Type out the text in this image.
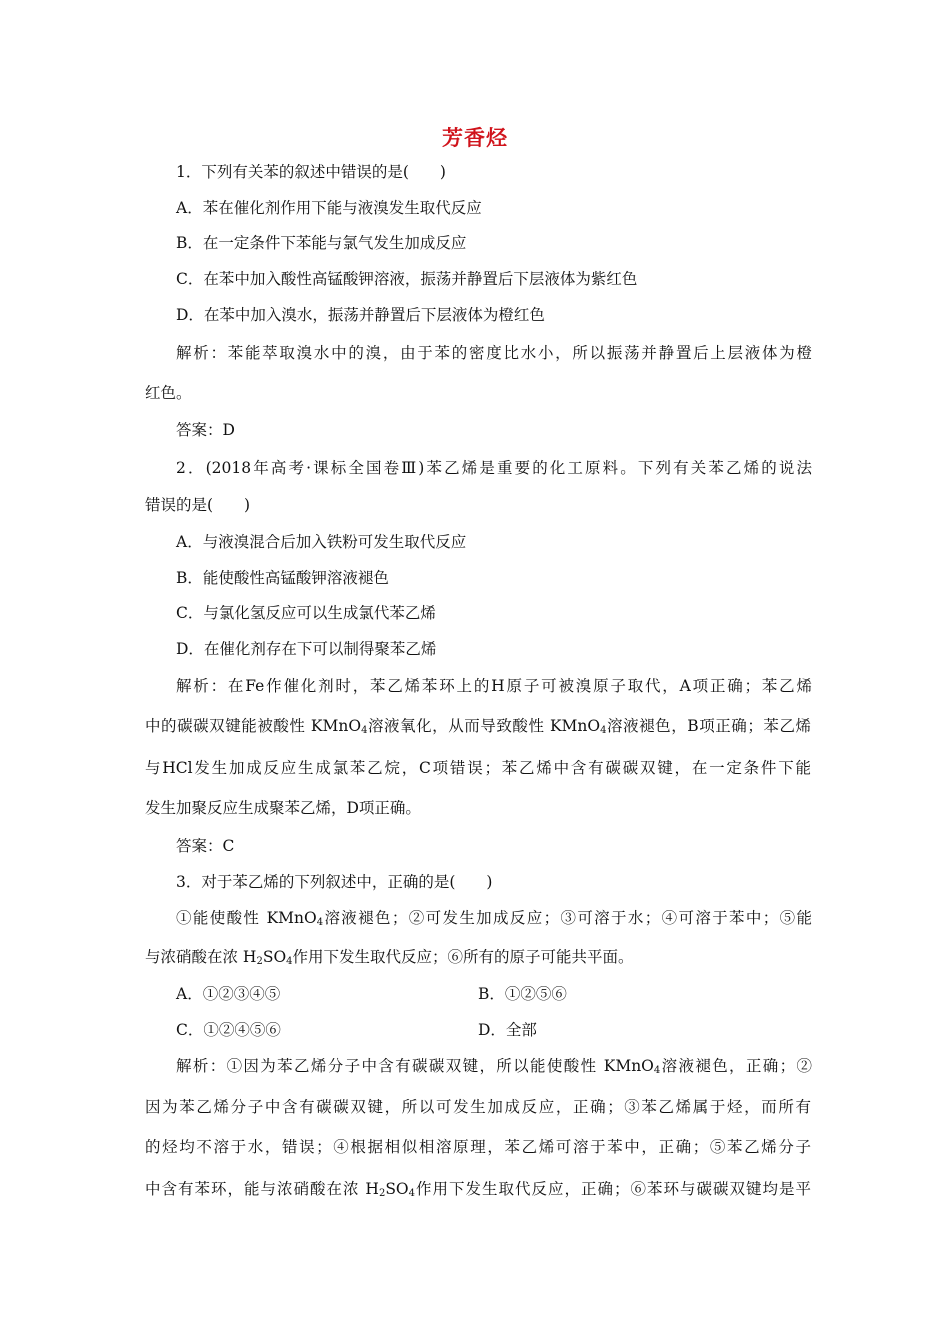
芳香烃
1．下列有关苯的叙述中错误的是(　　)
A．苯在催化剂作用下能与液溴发生取代反应
B．在一定条件下苯能与氯气发生加成反应
C．在苯中加入酸性高锰酸钾溶液，振荡并静置后下层液体为紫红色
D．在苯中加入溴水，振荡并静置后下层液体为橙红色
解析：苯能萃取溴水中的溴，由于苯的密度比水小，所以振荡并静置后上层液体为橙
红色。
答案：D
2．(2018年高考·课标全国卷Ⅲ)苯乙烯是重要的化工原料。下列有关苯乙烯的说法
错误的是(　　)
A．与液溴混合后加入铁粉可发生取代反应
B．能使酸性高锰酸钾溶液褪色
C．与氯化氢反应可以生成氯代苯乙烯
D．在催化剂存在下可以制得聚苯乙烯
解析：在Fe作催化剂时，苯乙烯苯环上的H原子可被溴原子取代，A项正确；苯乙烯
中的碳碳双键能被酸性 KMnO$_4$溶液氧化，从而导致酸性 KMnO$_4$溶液褪色，B项正确；苯乙烯
与HCl发生加成反应生成氯苯乙烷，C项错误；苯乙烯中含有碳碳双键，在一定条件下能
发生加聚反应生成聚苯乙烯，D项正确。
答案：C
3．对于苯乙烯的下列叙述中，正确的是(　　)
①能使酸性 KMnO$_4$溶液褪色；②可发生加成反应；③可溶于水；④可溶于苯中；⑤能
与浓硝酸在浓 $H_2SO_4$作用下发生取代反应；⑥所有的原子可能共平面。
A．①②③④⑤	B．①②⑤⑥
C．①②④⑤⑥	D．全部
解析：①因为苯乙烯分子中含有碳碳双键，所以能使酸性 KMnO$_4$溶液褪色，正确；②
因为苯乙烯分子中含有碳碳双键，所以可发生加成反应，正确；③苯乙烯属于烃，而所有
的烃均不溶于水，错误；④根据相似相溶原理，苯乙烯可溶于苯中，正确；⑤苯乙烯分子
中含有苯环，能与浓硝酸在浓 $H_2SO_4$作用下发生取代反应，正确；⑥苯环与碳碳双键均是平
